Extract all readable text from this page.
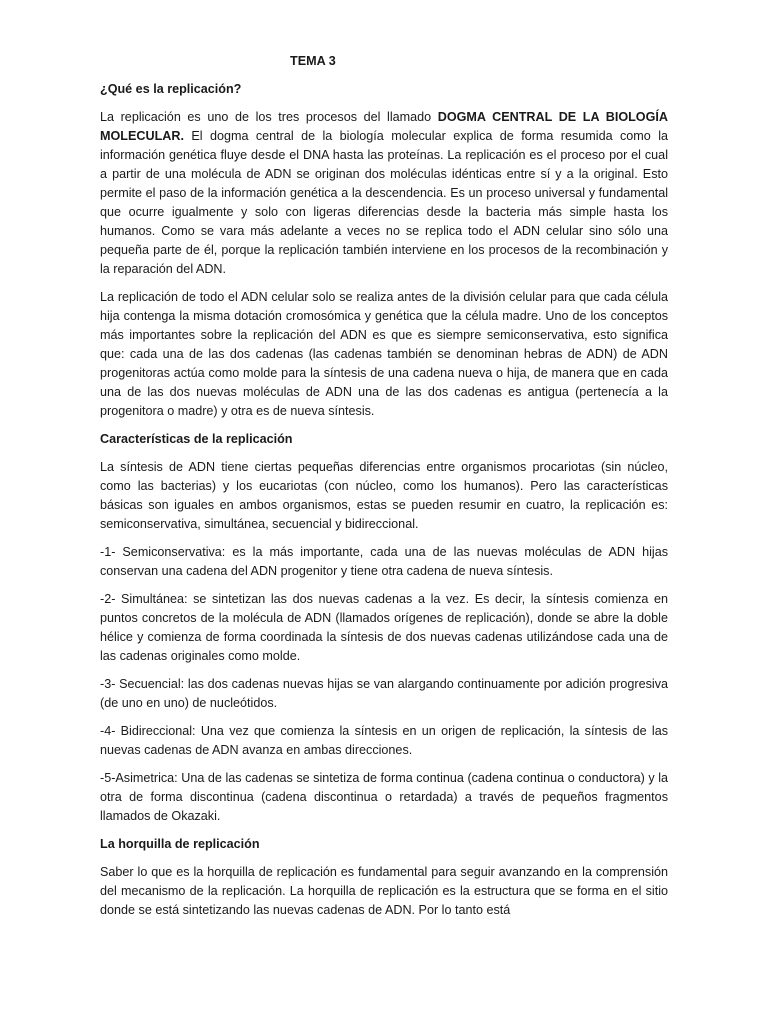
TEMA 3
¿Qué es la replicación?

La replicación es uno de los tres procesos del llamado DOGMA CENTRAL DE LA BIOLOGÍA MOLECULAR. El dogma central de la biología molecular explica de forma resumida como la información genética fluye desde el DNA hasta las proteínas. La replicación es el proceso por el cual a partir de una molécula de ADN se originan dos moléculas idénticas entre sí y a la original. Esto permite el paso de la información genética a la descendencia. Es un proceso universal y fundamental que ocurre igualmente y solo con ligeras diferencias desde la bacteria más simple hasta los humanos. Como se vara más adelante a veces no se replica todo el ADN celular sino sólo una pequeña parte de él, porque la replicación también interviene en los procesos de la recombinación y la reparación del ADN.

La replicación de todo el ADN celular solo se realiza antes de la división celular para que cada célula hija contenga la misma dotación cromosómica y genética que la célula madre. Uno de los conceptos más importantes sobre la replicación del ADN es que es siempre semiconservativa, esto significa que: cada una de las dos cadenas (las cadenas también se denominan hebras de ADN) de ADN progenitoras actúa como molde para la síntesis de una cadena nueva o hija, de manera que en cada una de las dos nuevas moléculas de ADN una de las dos cadenas es antigua (pertenecía a la progenitora o madre) y otra es de nueva síntesis.

Características de la replicación

La síntesis de ADN tiene ciertas pequeñas diferencias entre organismos procariotas (sin núcleo, como las bacterias) y los eucariotas (con núcleo, como los humanos). Pero las características básicas son iguales en ambos organismos, estas se pueden resumir en cuatro, la replicación es: semiconservativa, simultánea, secuencial y bidireccional.

-1- Semiconservativa: es la más importante, cada una de las nuevas moléculas de ADN hijas conservan una cadena del ADN progenitor y tiene otra cadena de nueva síntesis.

-2- Simultánea: se sintetizan las dos nuevas cadenas a la vez. Es decir, la síntesis comienza en puntos concretos de la molécula de ADN (llamados orígenes de replicación), donde se abre la doble hélice y comienza de forma coordinada la síntesis de dos nuevas cadenas utilizándose cada una de las cadenas originales como molde.

-3- Secuencial: las dos cadenas nuevas hijas se van alargando continuamente por adición progresiva (de uno en uno) de nucleótidos.

-4- Bidireccional: Una vez que comienza la síntesis en un origen de replicación, la síntesis de las nuevas cadenas de ADN avanza en ambas direcciones.

-5-Asimetrica: Una de las cadenas se sintetiza de forma continua (cadena continua o conductora) y la otra de forma discontinua (cadena discontinua o retardada) a través de pequeños fragmentos llamados de Okazaki.

La horquilla de replicación

Saber lo que es la horquilla de replicación es fundamental para seguir avanzando en la comprensión del mecanismo de la replicación. La horquilla de replicación es la estructura que se forma en el sitio donde se está sintetizando las nuevas cadenas de ADN. Por lo tanto está
